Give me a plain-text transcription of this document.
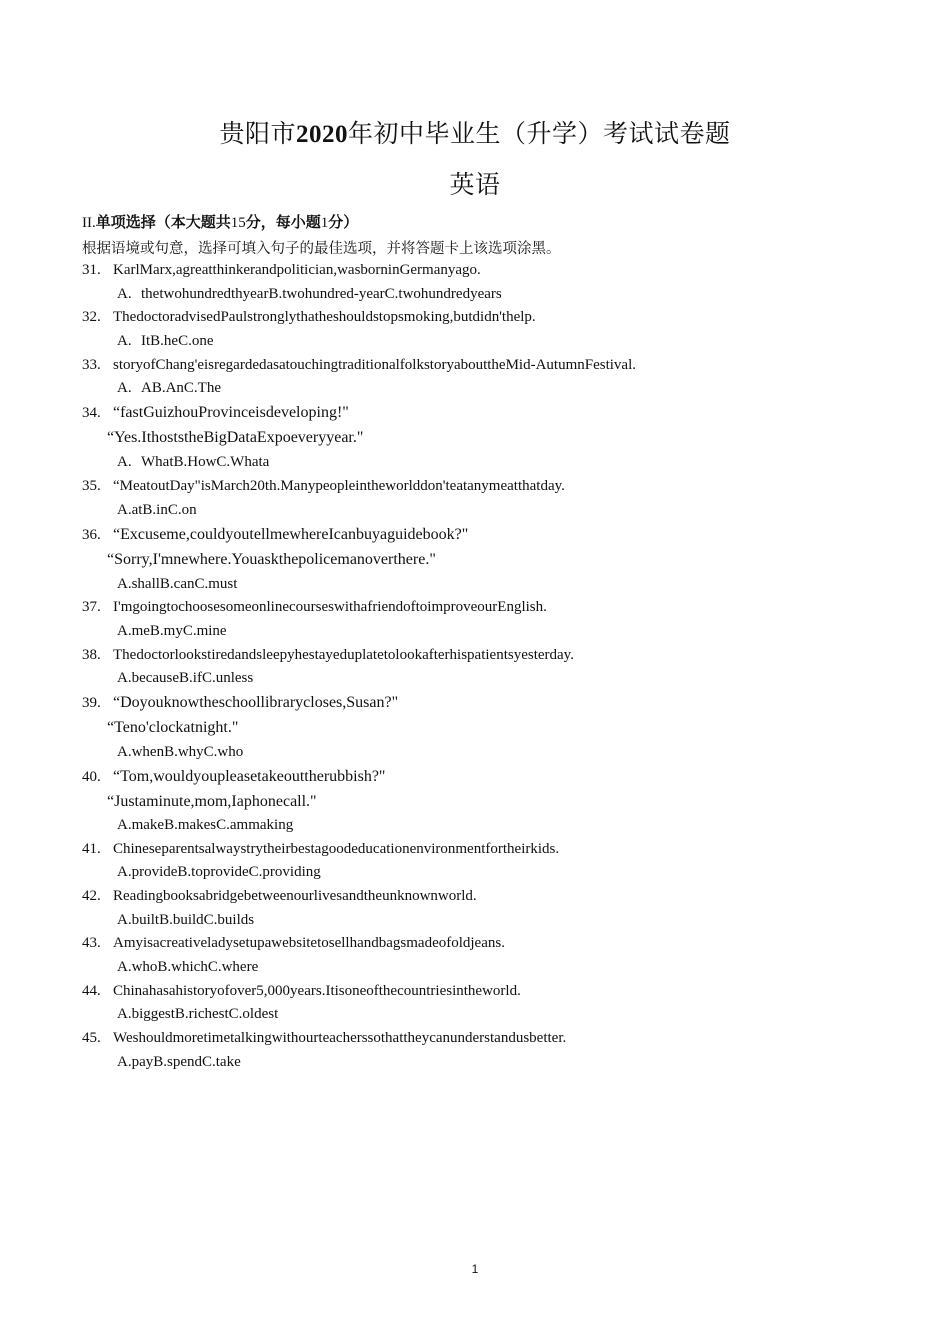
贵阳市2020年初中毕业生（升学）考试试卷题
英语
II.单项选择（本大题共15分，每小题1分）
根据语境或句意，选择可填入句子的最佳选项，并将答题卡上该选项涂黑。
31. KarlMarx,agreatthinkerandpolitician,wasborninGermanyago.
A. thetwohundredthyearB.twohundred-yearC.twohundredyears
32. ThedoctoradvisedPaulstronglythatheshouldstopsmoking,butdidn'thelp.
A. ItB.heC.one
33. storyofChang'eisregardedasatouchingtraditionalfolkstoryabouttheMid-AutumnFestival.
A. AB.AnC.The
34. “fastGuizhouProvinceisdeveloping!"
“Yes.IthoststheBigDataExpoeveryyear."
A. WhatB.HowC.Whata
35. “MeatoutDay"isMarch20th.Manypeopleintheworlddon'teatanymeatthatday.
A.atB.inC.on
36. “Excuseme,couldyoutellmewhereIcanbuyaguidebook?"
“Sorry,I'mnewhere.Youaskthepolicemanoverthere."
A.shallB.canC.must
37. I'mgoingtochoosesomeonlinecourseswithafriendoftoimproveourEnglish.
A.meB.myC.mine
38. Thedoctorlookstiredandsleepyhestayeduplatetolookafterhispatientsyesterday.
A.becauseB.ifC.unless
39. “Doyouknowtheschoollibrarycloses,Susan?"
“Teno'clockatnight."
A.whenB.whyC.who
40. “Tom,wouldyoupleasetakeouttherubbish?"
“Justaminute,mom,Iaphonecall."
A.makeB.makesC.ammaking
41. Chineseparentsalwaystrytheirbestagoodeducationenvironmentfortheirkids.
A.provideB.toprovideC.providing
42. Readingbooksabridgebetweenourlivesandtheunknownworld.
A.builtB.buildC.builds
43. Amyisacreativeladysetupawebsitetosellhandbagsmadeofoldjeans.
A.whoB.whichC.where
44. Chinahasahistoryofover5,000years.Itisoneofthecountriesintheworld.
A.biggestB.richestC.oldest
45. Weshouldmoretimetalkingwithourteacherssothattheycanunderstandusbetter.
A.payB.spendC.take
1
